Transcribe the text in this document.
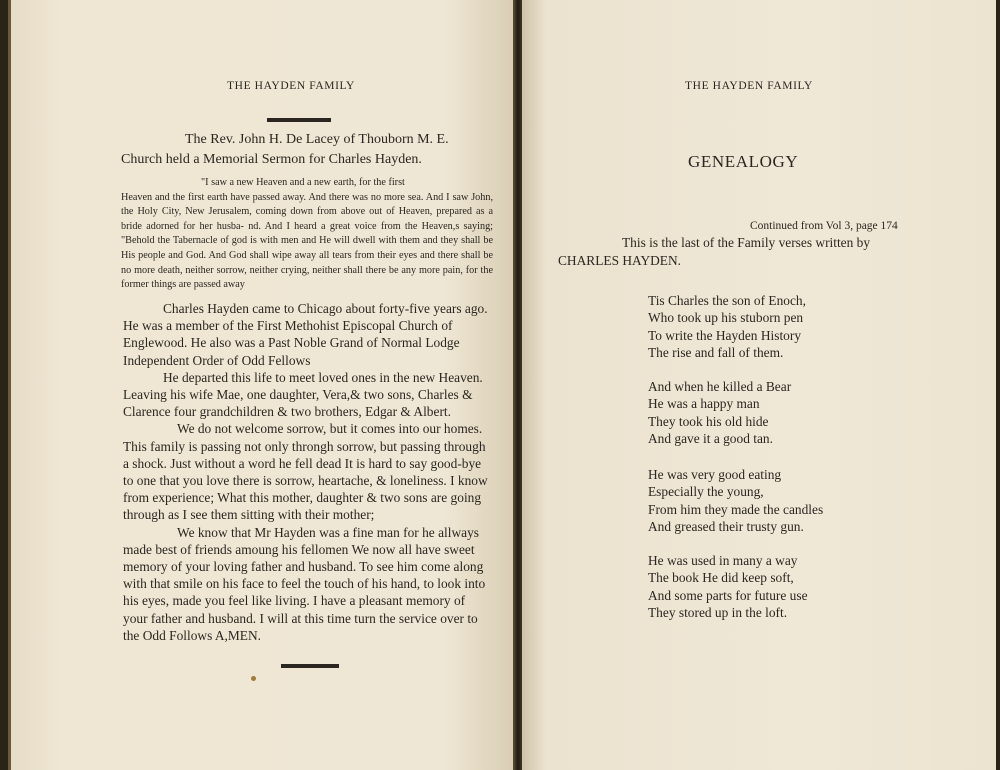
THE HAYDEN FAMILY
The Rev. John H. De Lacey of Thouborn M. E.
Church held a Memorial Sermon for Charles Hayden.
"I saw a new Heaven and a new earth, for the first
Heaven and the first earth have passed away. And there was no more sea. And I saw John, the Holy City, New Jerusalem, coming down from above out of Heaven, prepared as a bride adorned for her husba- nd. And I heard a great voice from the Heaven,s saying; "Behold the Tabernacle of god is with men and He will dwell with them and they shall be His people and God. And God shall wipe away all tears from their eyes and there shall be no more death, neither sorrow, neither crying, neither shall there be any more pain, for the former things are passed away

Charles Hayden came to Chicago about forty-five years ago. He was a member of the First Methohist Episcopal Church of Englewood. He also was a Past Noble Grand of Normal Lodge Independent Order of Odd Fellows

He departed this life to meet loved ones in the new Heaven. Leaving his wife Mae, one daughter, Vera,& two sons, Charles & Clarence four grandchildren & two brothers, Edgar & Albert.

We do not welcome sorrow, but it comes into our homes. This family is passing not only throngh sorrow, but passing through a shock. Just without a word he fell dead It is hard to say good-bye to one that you love there is sorrow, heartache, & loneliness. I know from experience; What this mother, daughter & two sons are going through as I see them sitting with their mother;

We know that Mr Hayden was a fine man for he allways made best of friends amoung his fellomen We now all have sweet memory of your loving father and husband. To see him come along with that smile on his face to feel the touch of his hand, to look into his eyes, made you feel like living. I have a pleasant memory of your father and husband. I will at this time turn the service over to the Odd Follows A,MEN.

THE HAYDEN FAMILY
GENEALOGY
Continued from Vol 3, page 174
This is the last of the Family verses written by
CHARLES HAYDEN.
Tis Charles the son of Enoch,
Who took up his stuborn pen
To write the Hayden History
The rise and fall of them.
And when he killed a Bear
He was a happy man
They took his old hide
And gave it a good tan.
He was very good eating
Especially the young,
From him they made the candles
And greased their trusty gun.
He was used in many a way
The book He did keep soft,
And some parts for future use
They stored up in the loft.
